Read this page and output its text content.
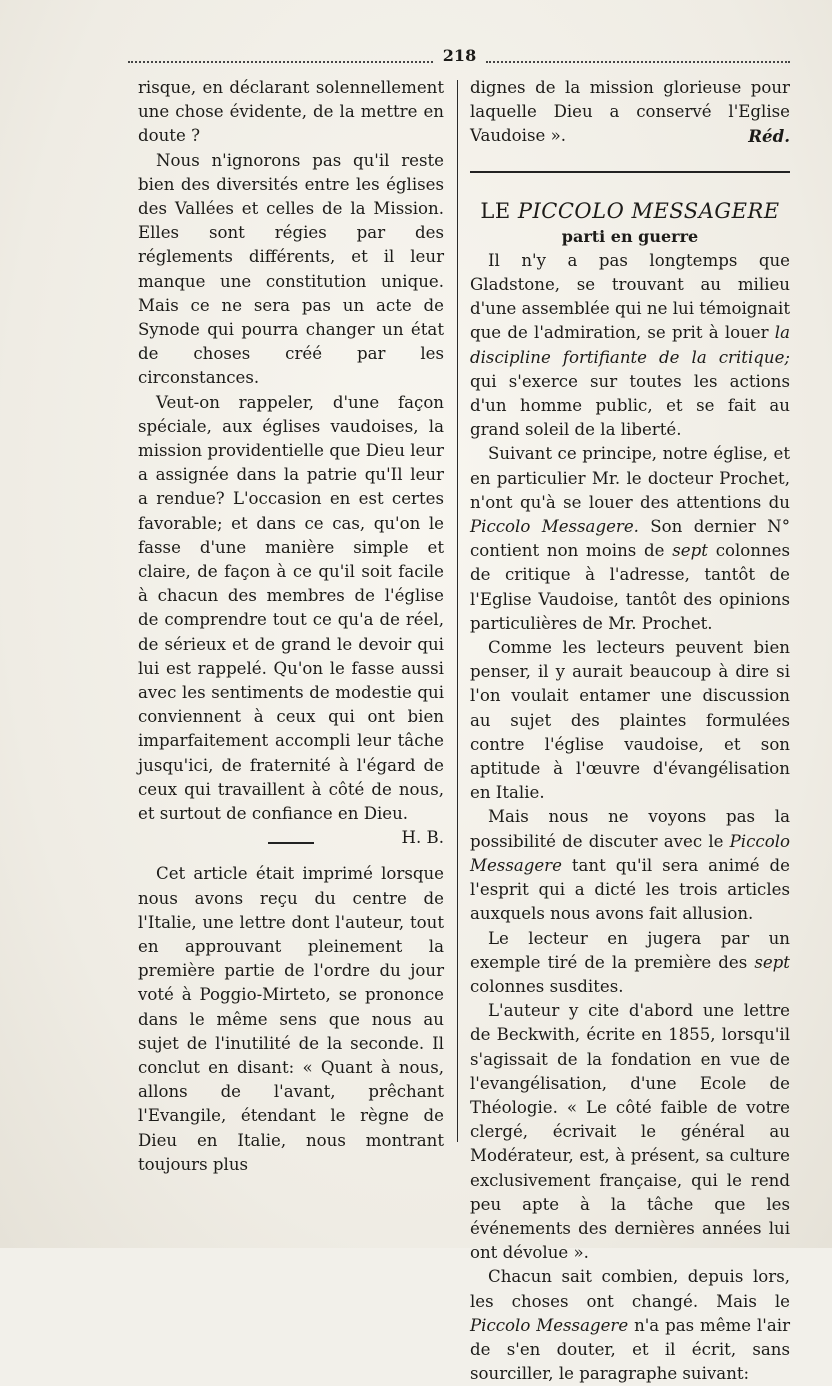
218

risque, en déclarant solennellement une chose évidente, de la mettre en doute ?

Nous n'ignorons pas qu'il reste bien des diversités entre les églises des Vallées et celles de la Mission. Elles sont régies par des réglements différents, et il leur manque une constitution unique. Mais ce ne sera pas un acte de Synode qui pourra changer un état de choses créé par les circonstances.

Veut-on rappeler, d'une façon spéciale, aux églises vaudoises, la mission providentielle que Dieu leur a assignée dans la patrie qu'Il leur a rendue? L'occasion en est certes favorable; et dans ce cas, qu'on le fasse d'une manière simple et claire, de façon à ce qu'il soit facile à chacun des membres de l'église de comprendre tout ce qu'a de réel, de sérieux et de grand le devoir qui lui est rappelé. Qu'on le fasse aussi avec les sentiments de modestie qui conviennent à ceux qui ont bien imparfaitement accompli leur tâche jusqu'ici, de fraternité à l'égard de ceux qui travaillent à côté de nous, et surtout de confiance en Dieu.
H. B.

Cet article était imprimé lorsque nous avons reçu du centre de l'Italie, une lettre dont l'auteur, tout en approuvant pleinement la première partie de l'ordre du jour voté à Poggio-Mirteto, se prononce dans le même sens que nous au sujet de l'inutilité de la seconde. Il conclut en disant: « Quant à nous, allons de l'avant, prêchant l'Evangile, étendant le règne de Dieu en Italie, nous montrant toujours plus

dignes de la mission glorieuse pour laquelle Dieu a conservé l'Eglise Vaudoise ».	Réd.

LE PICCOLO MESSAGERE

parti en guerre

Il n'y a pas longtemps que Gladstone, se trouvant au milieu d'une assemblée qui ne lui témoignait que de l'admiration, se prit à louer la discipline fortifiante de la critique; qui s'exerce sur toutes les actions d'un homme public, et se fait au grand soleil de la liberté.

Suivant ce principe, notre église, et en particulier Mr. le docteur Prochet, n'ont qu'à se louer des attentions du Piccolo Messagere. Son dernier N° contient non moins de sept colonnes de critique à l'adresse, tantôt de l'Eglise Vaudoise, tantôt des opinions particulières de Mr. Prochet.

Comme les lecteurs peuvent bien penser, il y aurait beaucoup à dire si l'on voulait entamer une discussion au sujet des plaintes formulées contre l'église vaudoise, et son aptitude à l'œuvre d'évangélisation en Italie.

Mais nous ne voyons pas la possibilité de discuter avec le Piccolo Messagere tant qu'il sera animé de l'esprit qui a dicté les trois articles auxquels nous avons fait allusion.

Le lecteur en jugera par un exemple tiré de la première des sept colonnes susdites.

L'auteur y cite d'abord une lettre de Beckwith, écrite en 1855, lorsqu'il s'agissait de la fondation en vue de l'evangélisation, d'une Ecole de Théologie. « Le côté faible de votre clergé, écrivait le général au Modérateur, est, à présent, sa culture exclusivement française, qui le rend peu apte à la tâche que les événements des dernières années lui ont dévolue ».

Chacun sait combien, depuis lors, les choses ont changé. Mais le Piccolo Messagere n'a pas même l'air de s'en douter, et il écrit, sans sourciller, le paragraphe suivant:
